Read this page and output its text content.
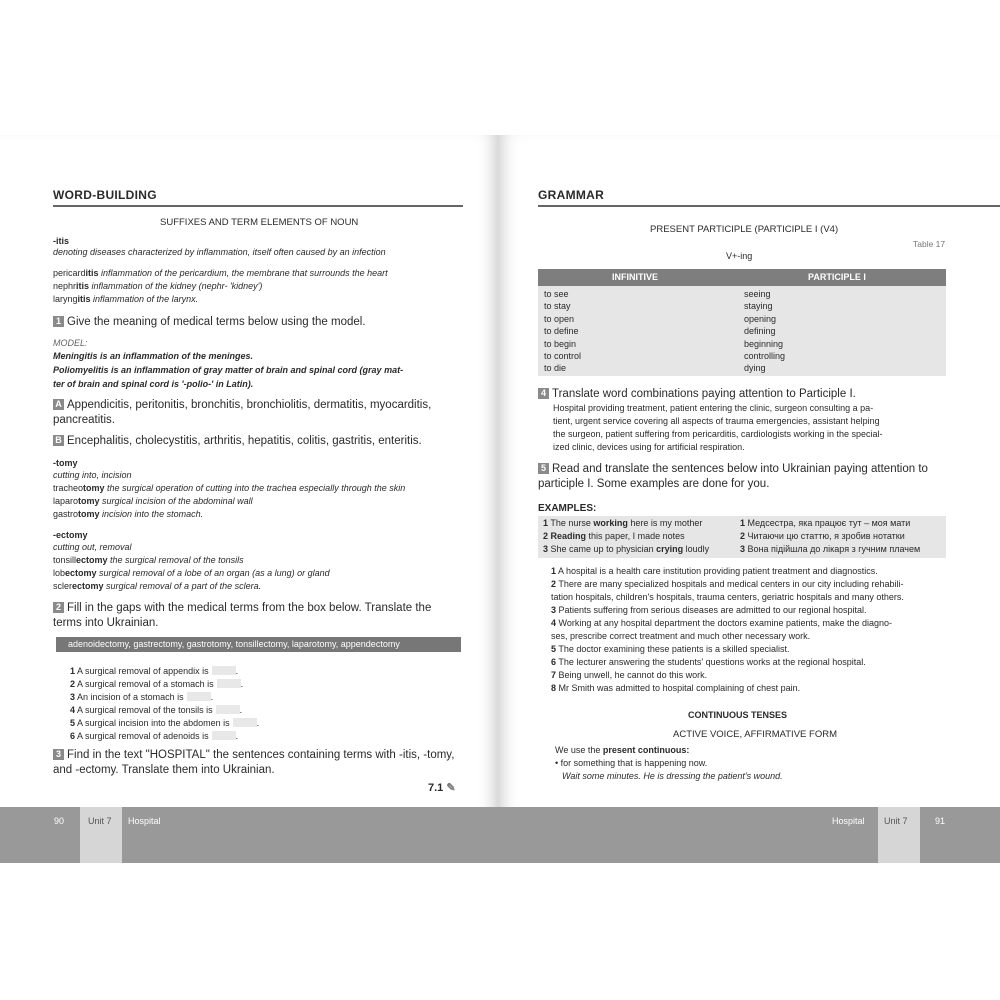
WORD-BUILDING
SUFFIXES AND TERM ELEMENTS OF NOUN
-itis
denoting diseases characterized by inflammation, itself often caused by an infection
pericarditis inflammation of the pericardium, the membrane that surrounds the heart
nephritis inflammation of the kidney (nephr- 'kidney')
laryngitis inflammation of the larynx.
1 Give the meaning of medical terms below using the model.
MODEL:
Meningitis is an inflammation of the meninges.
Poliomyelitis is an inflammation of gray matter of brain and spinal cord (gray mat-
ter of brain and spinal cord is '-polio-' in Latin).
A Appendicitis, peritonitis, bronchitis, bronchiolitis, dermatitis, myocarditis, pancreatitis.
B Encephalitis, cholecystitis, arthritis, hepatitis, colitis, gastritis, enteritis.
-tomy
cutting into, incision
tracheotomy the surgical operation of cutting into the trachea especially through the skin
laparotomy surgical incision of the abdominal wall
gastrotomy incision into the stomach.
-ectomy
cutting out, removal
tonsillectomy the surgical removal of the tonsils
lobectomy surgical removal of a lobe of an organ (as a lung) or gland
sclerectomy surgical removal of a part of the sclera.
2 Fill in the gaps with the medical terms from the box below. Translate the terms into Ukrainian.
adenoidectomy, gastrectomy, gastrotomy, tonsillectomy, laparotomy, appendectomy
1 A surgical removal of appendix is	.
2 A surgical removal of a stomach is	.
3 An incision of a stomach is	.
4 A surgical removal of the tonsils is	.
5 A surgical incision into the abdomen is	.
6 A surgical removal of adenoids is	.
3 Find in the text "HOSPITAL" the sentences containing terms with -itis, -tomy, and -ectomy. Translate them into Ukrainian.
7.1 ✎
90	Unit 7 Hospital
GRAMMAR
PRESENT PARTICIPLE (PARTICIPLE I (V4)
Table 17
V+-ing
INFINITIVE	PARTICIPLE I
to see	seeing
to stay	staying
to open	opening
to define	defining
to begin	beginning
to control	controlling
to die	dying
4 Translate word combinations paying attention to Participle I.
Hospital providing treatment, patient entering the clinic, surgeon consulting a pa-
tient, urgent service covering all aspects of trauma emergencies, assistant helping
the surgeon, patient suffering from pericarditis, cardiologists working in the special-
ized clinic, devices using for artificial respiration.
5 Read and translate the sentences below into Ukrainian paying attention to participle I. Some examples are done for you.
EXAMPLES:
1 The nurse working here is my mother	1 Медсестра, яка працює тут – моя мати
2 Reading this paper, I made notes	2 Читаючи цю статтю, я зробив нотатки
3 She came up to physician crying loudly	3 Вона підійшла до лікаря з гучним плачем
1 A hospital is a health care institution providing patient treatment and diagnostics.
2 There are many specialized hospitals and medical centers in our city including rehabili-
tation hospitals, children's hospitals, trauma centers, geriatric hospitals and many others.
3 Patients suffering from serious diseases are admitted to our regional hospital.
4 Working at any hospital department the doctors examine patients, make the diagno-
ses, prescribe correct treatment and much other necessary work.
5 The doctor examining these patients is a skilled specialist.
6 The lecturer answering the students' questions works at the regional hospital.
7 Being unwell, he cannot do this work.
8 Mr Smith was admitted to hospital complaining of chest pain.
CONTINUOUS TENSES
ACTIVE VOICE, AFFIRMATIVE FORM
We use the present continuous:
• for something that is happening now.
Wait some minutes. He is dressing the patient's wound.
Hospital Unit 7	91
